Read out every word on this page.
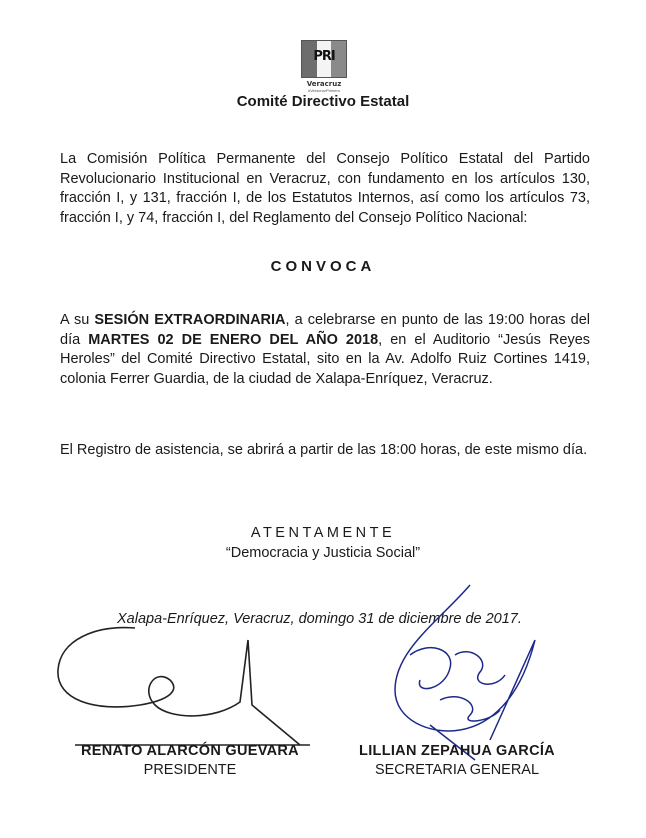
PRI
Veracruz
#VeracruzPrimero
Comité Directivo Estatal
La Comisión Política Permanente del Consejo Político Estatal del Partido Revolucionario Institucional en Veracruz, con fundamento en los artículos 130, fracción I, y 131, fracción I, de los Estatutos Internos, así como los artículos 73, fracción I, y 74, fracción I, del Reglamento del Consejo Político Nacional:
CONVOCA
A su SESIÓN EXTRAORDINARIA, a celebrarse en punto de las 19:00 horas del día MARTES 02 DE ENERO DEL AÑO 2018, en el Auditorio “Jesús Reyes Heroles” del Comité Directivo Estatal, sito en la Av. Adolfo Ruiz Cortines 1419, colonia Ferrer Guardia, de la ciudad de Xalapa-Enríquez, Veracruz.
El Registro de asistencia, se abrirá a partir de las 18:00 horas, de este mismo día.
ATENTAMENTE
“Democracia y Justicia Social”
Xalapa-Enríquez, Veracruz, domingo 31 de diciembre de 2017.
RENATO ALARCÓN GUEVARA
PRESIDENTE
LILLIAN ZEPAHUA GARCÍA
SECRETARIA GENERAL
